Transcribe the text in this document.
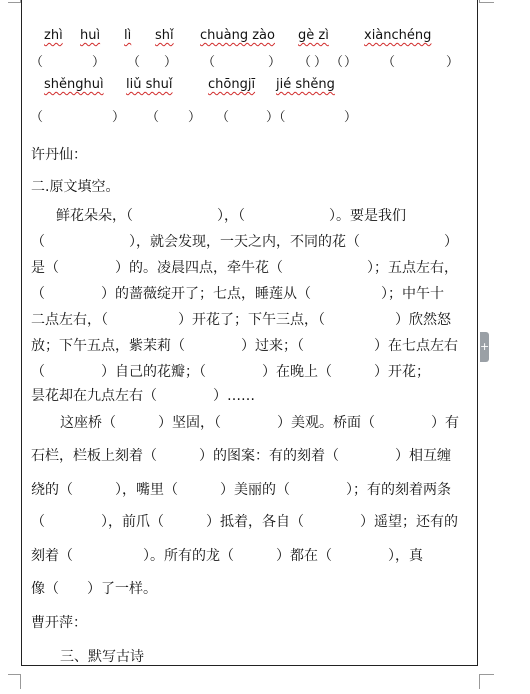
+
zhì huì lì shǐ chuàng zào gè zì	xiànchéng
（	） （ ） （	） （ ） （ ） （	）
shěnghuì liǔ shuǐ	chōngjī jié shěng
（	） （ ） （	）（	）
许丹仙：
二.原文填空。
鲜花朵朵，（　　　　　　），（　　　　　　）。要是我们
（　　　　　　），就会发现，一天之内，不同的花（　　　　　　）
是（　　　　）的。凌晨四点，牵牛花（　　　　　　）；五点左右，
（　　　　）的蔷薇绽开了；七点，睡莲从（　　　　　）；中午十
二点左右，（　　　　　）开花了；下午三点，（　　　　　）欣然怒
放；下午五点，紫茉莉（　　　　）过来；（　　　　　）在七点左右
（　　　　）自己的花瓣；（　　　　）在晚上（　　　）开花；
昙花却在九点左右（　　　　）……
这座桥（　　　）坚固，（　　　　）美观。桥面（　　　　）有
石栏，栏板上刻着（　　　）的图案：有的刻着（　　　　）相互缠
绕的（　　　），嘴里（　　　）美丽的（　　　　）；有的刻着两条
（　　　　），前爪（　　　）抵着，各自（　　　　）遥望；还有的
刻着（　　　　　）。所有的龙（　　　）都在（　　　　），真
像（　　）了一样。
曹开萍：
三、默写古诗
